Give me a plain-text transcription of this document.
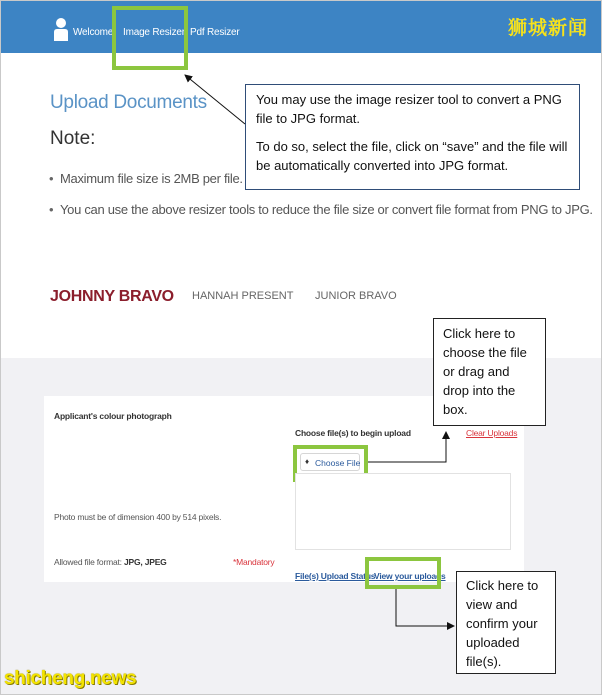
Welcome Image Resizer Pdf Resizer	狮城新闻
Upload Documents
Note:
• Maximum file size is 2MB per file.
• You can use the above resizer tools to reduce the file size or convert file format from PNG to JPG.

You may use the image resizer tool to convert a PNG file to JPG format.

To do so, select the file, click on “save” and the file will be automatically converted into JPG format.

JOHNNY BRAVO HANNAH PRESENT JUNIOR BRAVO
Applicant's colour photograph
Photo must be of dimension 400 by 514 pixels.
Allowed file format: JPG, JPEG	*Mandatory
Choose file(s) to begin upload	Clear Uploads
♦ Choose File
File(s) Upload Status
View your uploads
Click here to choose the file or drag and drop into the box.
Click here to view and confirm your uploaded file(s).
shicheng.news
